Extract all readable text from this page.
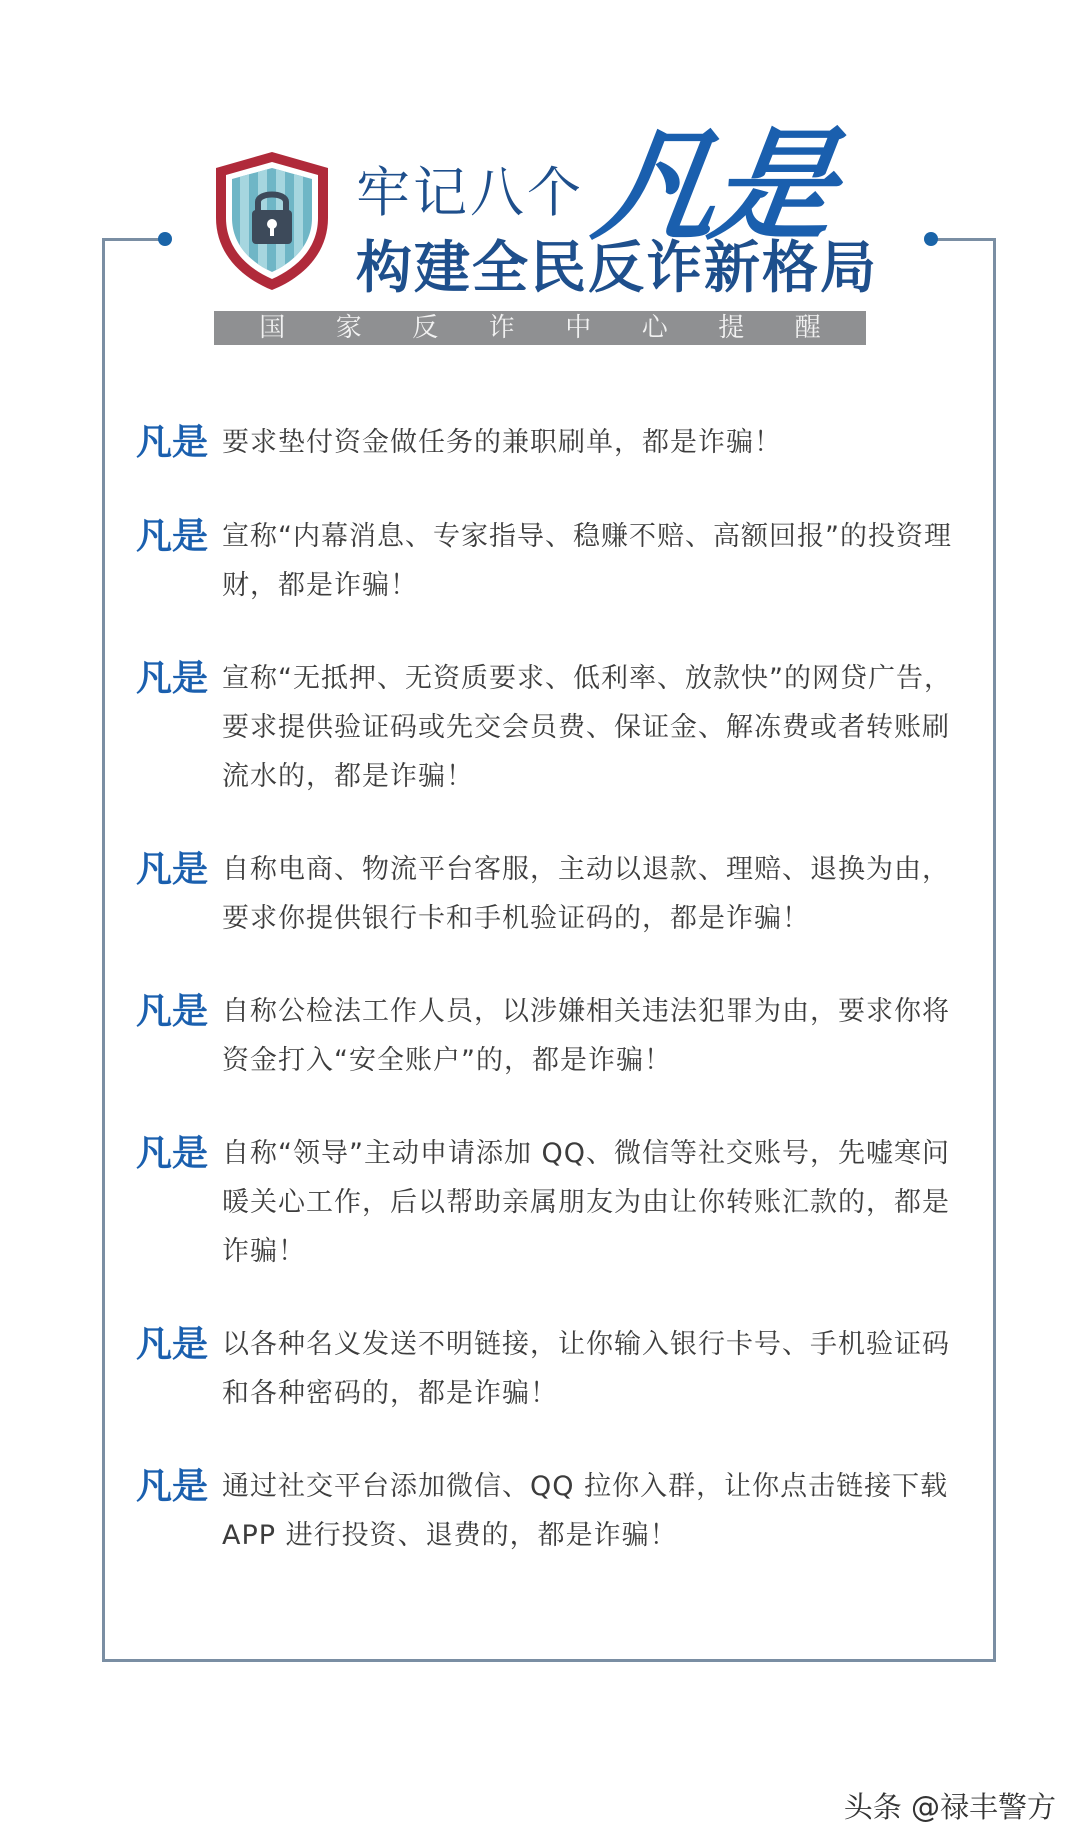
牢记八个 凡是
构建全民反诈新格局
国 家 反 诈 中 心 提 醒
凡是 要求垫付资金做任务的兼职刷单，都是诈骗！
凡是 宣称“内幕消息、专家指导、稳赚不赔、高额回报”的投资理财，都是诈骗！
凡是 宣称“无抵押、无资质要求、低利率、放款快”的网贷广告，要求提供验证码或先交会员费、保证金、解冻费或者转账刷流水的，都是诈骗！
凡是 自称电商、物流平台客服，主动以退款、理赔、退换为由，要求你提供银行卡和手机验证码的，都是诈骗！
凡是 自称公检法工作人员，以涉嫌相关违法犯罪为由，要求你将资金打入“安全账户”的，都是诈骗！
凡是 自称“领导”主动申请添加 QQ、微信等社交账号，先嘘寒问暖关心工作，后以帮助亲属朋友为由让你转账汇款的，都是诈骗！
凡是 以各种名义发送不明链接，让你输入银行卡号、手机验证码和各种密码的，都是诈骗！
凡是 通过社交平台添加微信、QQ 拉你入群，让你点击链接下载 APP 进行投资、退费的，都是诈骗！
头条 @禄丰警方
